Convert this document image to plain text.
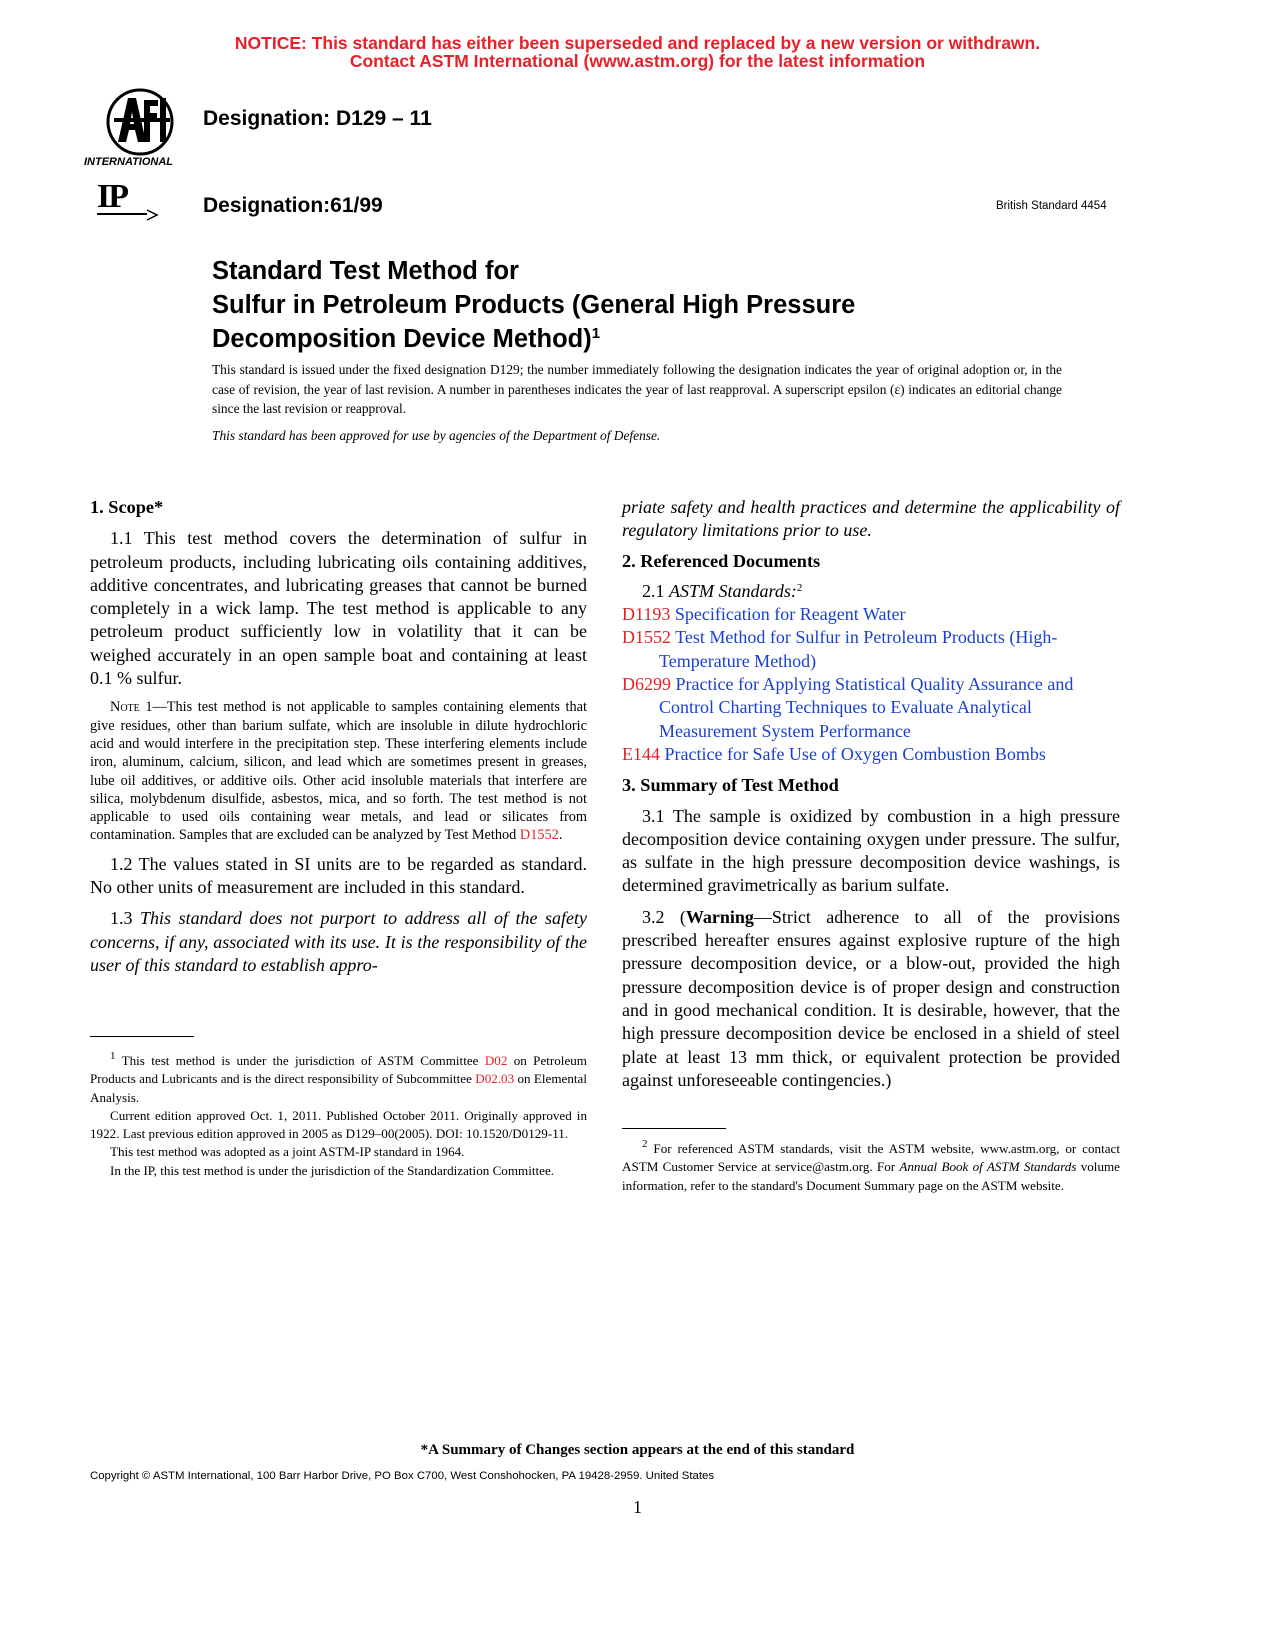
NOTICE: This standard has either been superseded and replaced by a new version or withdrawn.
Contact ASTM International (www.astm.org) for the latest information
INTERNATIONAL
Designation: D129 – 11
IP	Designation:61/99	British Standard 4454
Standard Test Method for
Sulfur in Petroleum Products (General High Pressure
Decomposition Device Method)$^1$
This standard is issued under the fixed designation D129; the number immediately following the designation indicates the year of original adoption or, in the case of revision, the year of last revision. A number in parentheses indicates the year of last reapproval. A superscript epsilon (ε) indicates an editorial change since the last revision or reapproval.
This standard has been approved for use by agencies of the Department of Defense.

1. Scope*

1.1 This test method covers the determination of sulfur in petroleum products, including lubricating oils containing additives, additive concentrates, and lubricating greases that cannot be burned completely in a wick lamp. The test method is applicable to any petroleum product sufficiently low in volatility that it can be weighed accurately in an open sample boat and containing at least 0.1 % sulfur.

Note 1—This test method is not applicable to samples containing elements that give residues, other than barium sulfate, which are insoluble in dilute hydrochloric acid and would interfere in the precipitation step. These interfering elements include iron, aluminum, calcium, silicon, and lead which are sometimes present in greases, lube oil additives, or additive oils. Other acid insoluble materials that interfere are silica, molybdenum disulfide, asbestos, mica, and so forth. The test method is not applicable to used oils containing wear metals, and lead or silicates from contamination. Samples that are excluded can be analyzed by Test Method D1552.

1.2 The values stated in SI units are to be regarded as standard. No other units of measurement are included in this standard.

1.3 This standard does not purport to address all of the safety concerns, if any, associated with its use. It is the responsibility of the user of this standard to establish appro-

$^1$ This test method is under the jurisdiction of ASTM Committee D02 on Petroleum Products and Lubricants and is the direct responsibility of Subcommittee D02.03 on Elemental Analysis.
Current edition approved Oct. 1, 2011. Published October 2011. Originally approved in 1922. Last previous edition approved in 2005 as D129–00(2005). DOI: 10.1520/D0129-11.
This test method was adopted as a joint ASTM-IP standard in 1964.
In the IP, this test method is under the jurisdiction of the Standardization Committee.

priate safety and health practices and determine the applicability of regulatory limitations prior to use.

2. Referenced Documents

2.1 ASTM Standards:$^2$

D1193 Specification for Reagent Water

D1552 Test Method for Sulfur in Petroleum Products (High-Temperature Method)

D6299 Practice for Applying Statistical Quality Assurance and Control Charting Techniques to Evaluate Analytical Measurement System Performance

E144 Practice for Safe Use of Oxygen Combustion Bombs

3. Summary of Test Method

3.1 The sample is oxidized by combustion in a high pressure decomposition device containing oxygen under pressure. The sulfur, as sulfate in the high pressure decomposition device washings, is determined gravimetrically as barium sulfate.

3.2 (Warning—Strict adherence to all of the provisions prescribed hereafter ensures against explosive rupture of the high pressure decomposition device, or a blow-out, provided the high pressure decomposition device is of proper design and construction and in good mechanical condition. It is desirable, however, that the high pressure decomposition device be enclosed in a shield of steel plate at least 13 mm thick, or equivalent protection be provided against unforeseeable contingencies.)

$^2$ For referenced ASTM standards, visit the ASTM website, www.astm.org, or contact ASTM Customer Service at service@astm.org. For Annual Book of ASTM Standards volume information, refer to the standard's Document Summary page on the ASTM website.
*A Summary of Changes section appears at the end of this standard
Copyright © ASTM International, 100 Barr Harbor Drive, PO Box C700, West Conshohocken, PA 19428-2959. United States
1
